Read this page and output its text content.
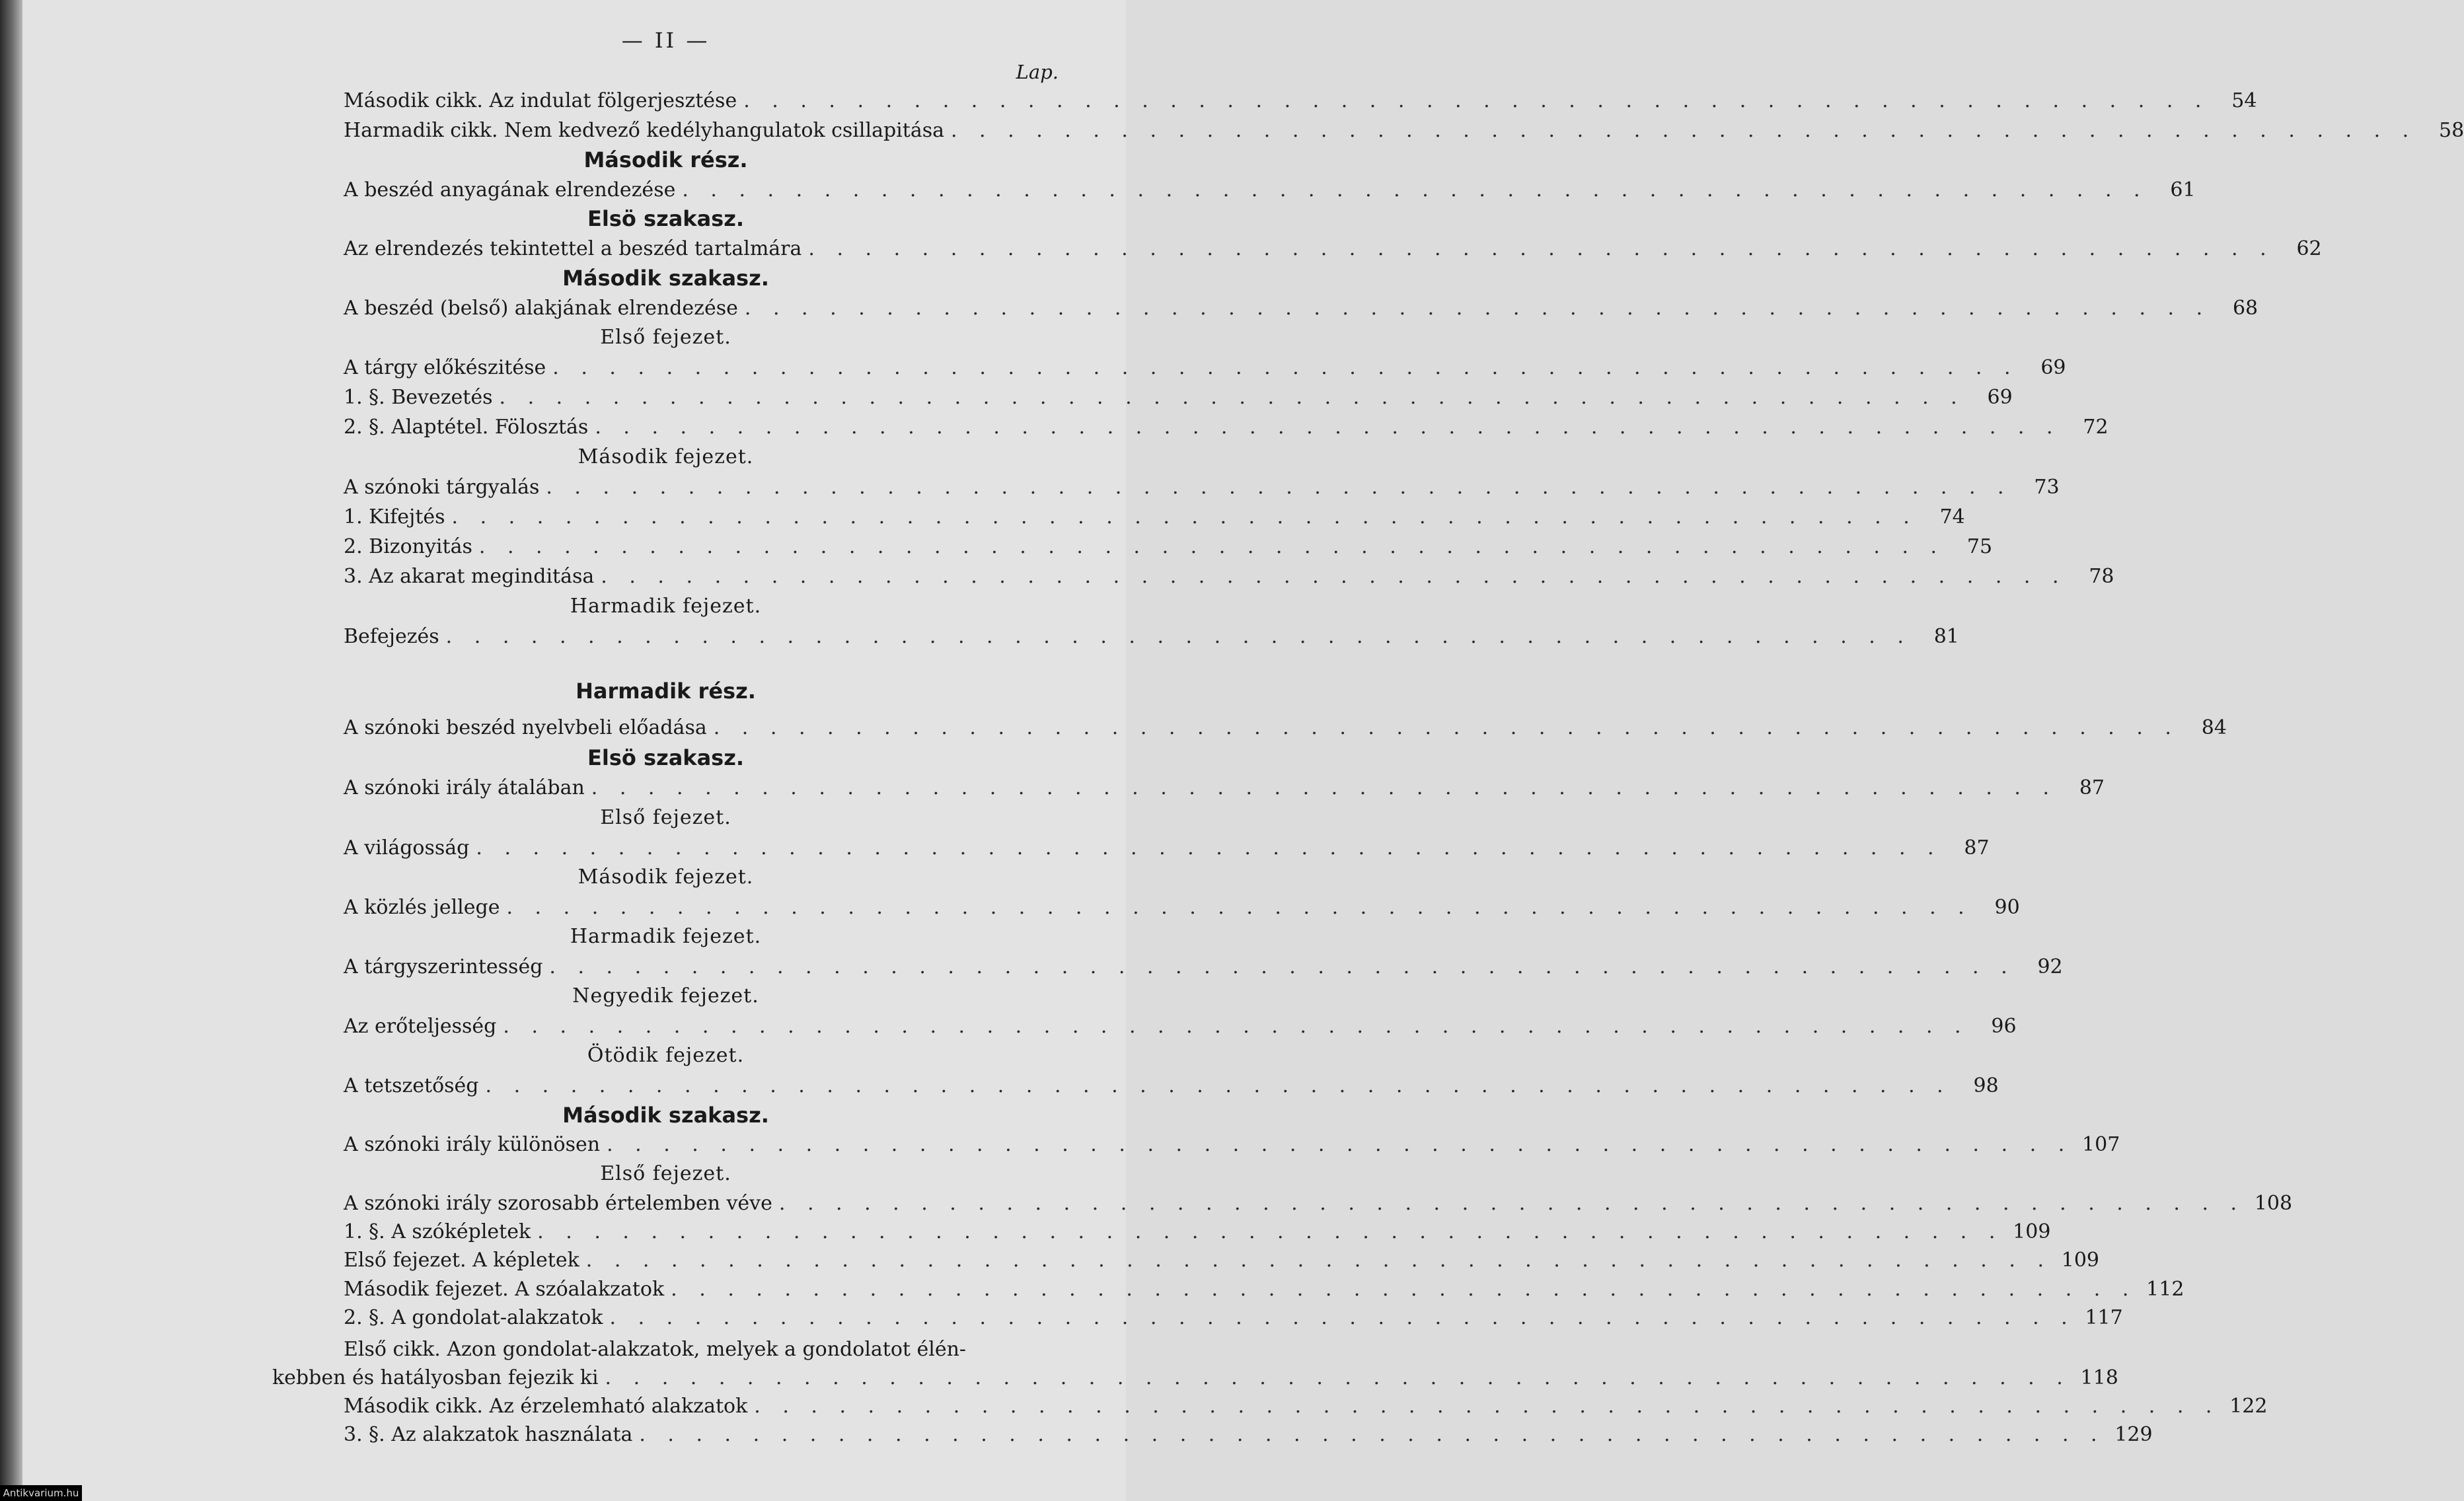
— II —
Lap.
Második cikk. Az indulat fölgerjesztése . . . . . . . . . . . . . . . . . . . . . . . . . . . . . . . . . . . . . . . . . . . . . . . . . . . .	54
Harmadik cikk. Nem kedvező kedélyhangulatok csillapitása . . . . . . . . . . . . . . . . . . . . . . . . . . . . . . . . . . . . . . . . . . . . . . . . . . . .	58
Második rész.
A beszéd anyagának elrendezése . . . . . . . . . . . . . . . . . . . . . . . . . . . . . . . . . . . . . . . . . . . . . . . . . . . .	61
Elsö szakasz.
Az elrendezés tekintettel a beszéd tartalmára . . . . . . . . . . . . . . . . . . . . . . . . . . . . . . . . . . . . . . . . . . . . . . . . . . . .	62
Második szakasz.
A beszéd (belső) alakjának elrendezése . . . . . . . . . . . . . . . . . . . . . . . . . . . . . . . . . . . . . . . . . . . . . . . . . . . .	68
Első fejezet.
A tárgy előkészitése . . . . . . . . . . . . . . . . . . . . . . . . . . . . . . . . . . . . . . . . . . . . . . . . . . . .	69
1. §. Bevezetés . . . . . . . . . . . . . . . . . . . . . . . . . . . . . . . . . . . . . . . . . . . . . . . . . . . .	69
2. §. Alaptétel. Fölosztás . . . . . . . . . . . . . . . . . . . . . . . . . . . . . . . . . . . . . . . . . . . . . . . . . . . .	72
Második fejezet.
A szónoki tárgyalás . . . . . . . . . . . . . . . . . . . . . . . . . . . . . . . . . . . . . . . . . . . . . . . . . . . .	73
1. Kifejtés . . . . . . . . . . . . . . . . . . . . . . . . . . . . . . . . . . . . . . . . . . . . . . . . . . . .	74
2. Bizonyitás . . . . . . . . . . . . . . . . . . . . . . . . . . . . . . . . . . . . . . . . . . . . . . . . . . . .	75
3. Az akarat meginditása . . . . . . . . . . . . . . . . . . . . . . . . . . . . . . . . . . . . . . . . . . . . . . . . . . . .	78
Harmadik fejezet.
Befejezés . . . . . . . . . . . . . . . . . . . . . . . . . . . . . . . . . . . . . . . . . . . . . . . . . . . .	81
Harmadik rész.
A szónoki beszéd nyelvbeli előadása . . . . . . . . . . . . . . . . . . . . . . . . . . . . . . . . . . . . . . . . . . . . . . . . . . . .	84
Elsö szakasz.
A szónoki irály átalában . . . . . . . . . . . . . . . . . . . . . . . . . . . . . . . . . . . . . . . . . . . . . . . . . . . .	87
Első fejezet.
A világosság . . . . . . . . . . . . . . . . . . . . . . . . . . . . . . . . . . . . . . . . . . . . . . . . . . . .	87
Második fejezet.
A közlés jellege . . . . . . . . . . . . . . . . . . . . . . . . . . . . . . . . . . . . . . . . . . . . . . . . . . . .	90
Harmadik fejezet.
A tárgyszerintesség . . . . . . . . . . . . . . . . . . . . . . . . . . . . . . . . . . . . . . . . . . . . . . . . . . . .	92
Negyedik fejezet.
Az erőteljesség . . . . . . . . . . . . . . . . . . . . . . . . . . . . . . . . . . . . . . . . . . . . . . . . . . . .	96
Ötödik fejezet.
A tetszetőség . . . . . . . . . . . . . . . . . . . . . . . . . . . . . . . . . . . . . . . . . . . . . . . . . . . .	98
Második szakasz.
A szónoki irály különösen . . . . . . . . . . . . . . . . . . . . . . . . . . . . . . . . . . . . . . . . . . . . . . . . . . . . 107
Első fejezet.
A szónoki irály szorosabb értelemben véve . . . . . . . . . . . . . . . . . . . . . . . . . . . . . . . . . . . . . . . . . . . . . . . . . . . . 108
1. §. A szóképletek . . . . . . . . . . . . . . . . . . . . . . . . . . . . . . . . . . . . . . . . . . . . . . . . . . . . 109
Első fejezet. A képletek . . . . . . . . . . . . . . . . . . . . . . . . . . . . . . . . . . . . . . . . . . . . . . . . . . . . 109
Második fejezet. A szóalakzatok . . . . . . . . . . . . . . . . . . . . . . . . . . . . . . . . . . . . . . . . . . . . . . . . . . . . 112
2. §. A gondolat-alakzatok . . . . . . . . . . . . . . . . . . . . . . . . . . . . . . . . . . . . . . . . . . . . . . . . . . . . 117
Első cikk. Azon gondolat-alakzatok, melyek a gondolatot élén-
kebben és hatályosban fejezik ki . . . . . . . . . . . . . . . . . . . . . . . . . . . . . . . . . . . . . . . . . . . . . . . . . . . . 118
Második cikk. Az érzelemható alakzatok . . . . . . . . . . . . . . . . . . . . . . . . . . . . . . . . . . . . . . . . . . . . . . . . . . . . 122
3. §. Az alakzatok használata . . . . . . . . . . . . . . . . . . . . . . . . . . . . . . . . . . . . . . . . . . . . . . . . . . . . 129
Antikvarium.hu
